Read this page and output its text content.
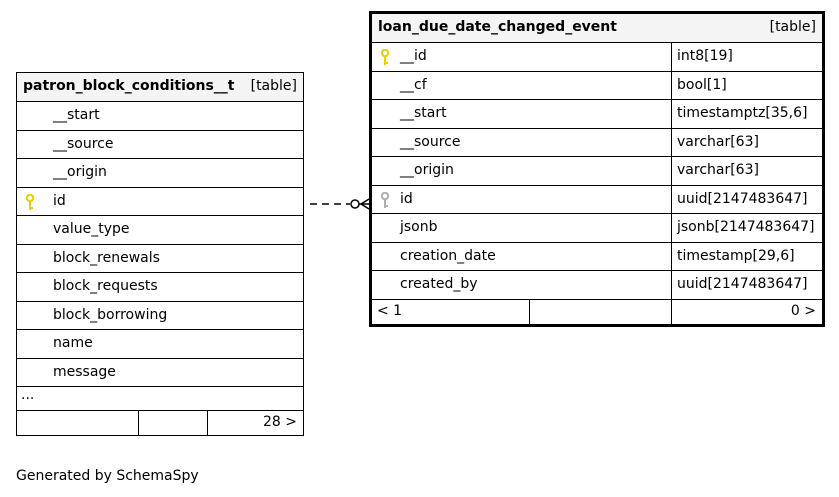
patron_block_conditions__t [table]
__start
__source
__origin
id
value_type
block_renewals
block_requests
block_borrowing
name
message
...
28 >
loan_due_date_changed_event	[table]
__id	int8[19]
__cf	bool[1]
__start	timestamptz[35,6]
__source	varchar[63]
__origin	varchar[63]
id	uuid[2147483647]
jsonb	jsonb[2147483647]
creation_date	timestamp[29,6]
created_by	uuid[2147483647]
< 1	0 >
Generated by SchemaSpy
